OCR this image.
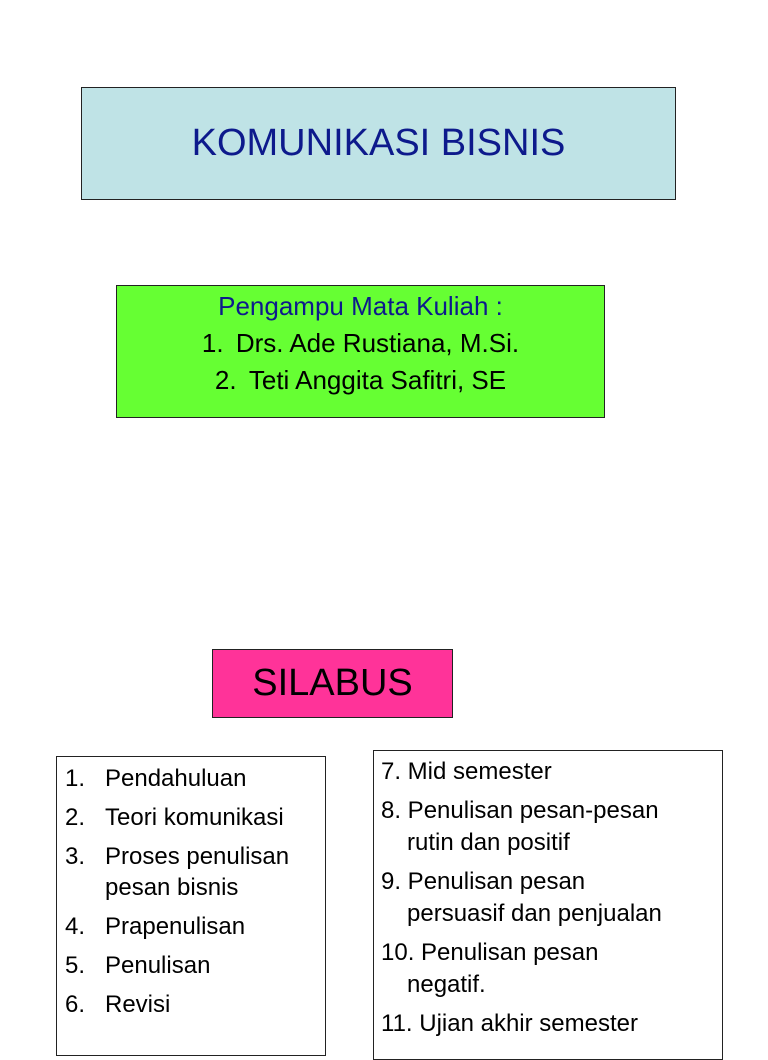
KOMUNIKASI BISNIS
Pengampu Mata Kuliah :
1. Drs. Ade Rustiana, M.Si.
2. Teti Anggita Safitri, SE
SILABUS
1. Pendahuluan
2. Teori komunikasi
3. Proses penulisan pesan bisnis
4. Prapenulisan
5. Penulisan
6. Revisi
7. Mid semester
8. Penulisan pesan-pesan
rutin dan positif
9. Penulisan pesan
persuasif dan penjualan
10. Penulisan pesan
negatif.
11. Ujian akhir semester
